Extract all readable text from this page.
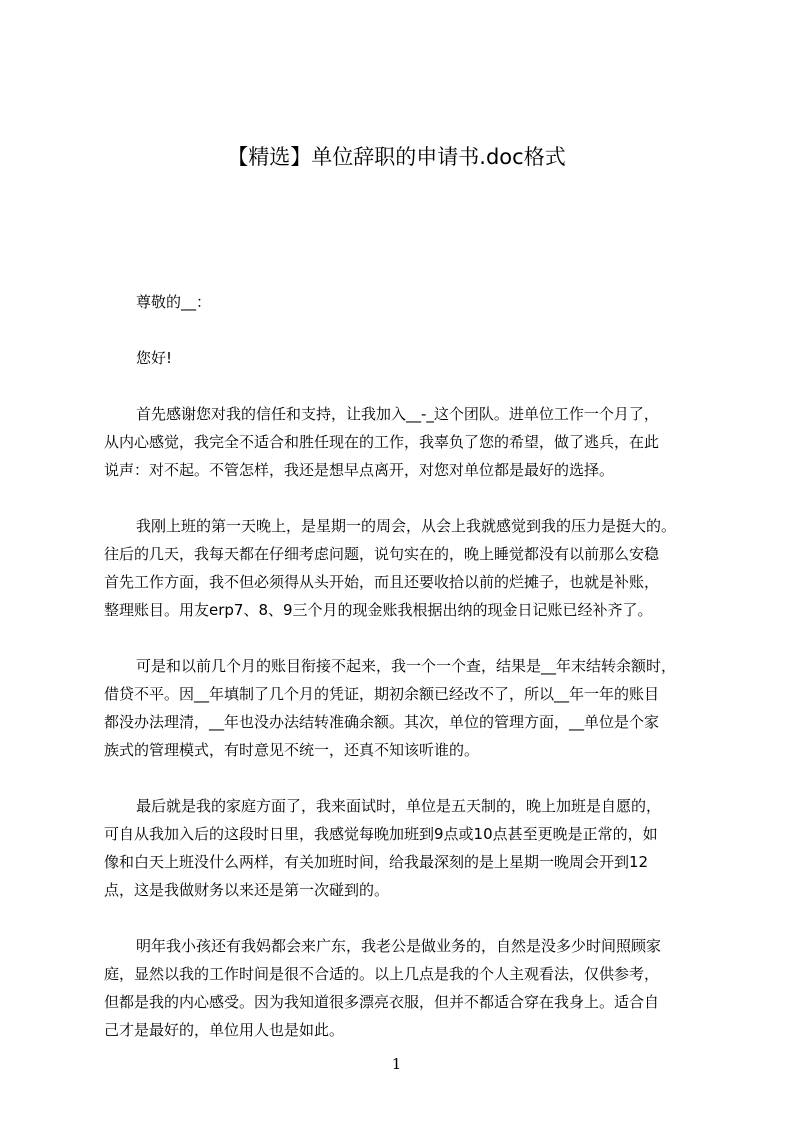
【精选】单位辞职的申请书.doc格式
尊敬的__：
您好!
首先感谢您对我的信任和支持，让我加入__-_这个团队。进单位工作一个月了，
从内心感觉，我完全不适合和胜任现在的工作，我辜负了您的希望，做了逃兵，在此
说声：对不起。不管怎样，我还是想早点离开，对您对单位都是最好的选择。
我刚上班的第一天晚上，是星期一的周会，从会上我就感觉到我的压力是挺大的。
往后的几天，我每天都在仔细考虑问题，说句实在的，晚上睡觉都没有以前那么安稳
首先工作方面，我不但必须得从头开始，而且还要收拾以前的烂摊子，也就是补账，
整理账目。用友erp7、8、9三个月的现金账我根据出纳的现金日记账已经补齐了。
可是和以前几个月的账目衔接不起来，我一个一个查，结果是__年末结转余额时，
借贷不平。因__年填制了几个月的凭证，期初余额已经改不了，所以__年一年的账目
都没办法理清，__年也没办法结转准确余额。其次，单位的管理方面，__单位是个家
族式的管理模式，有时意见不统一，还真不知该听谁的。
最后就是我的家庭方面了，我来面试时，单位是五天制的，晚上加班是自愿的，
可自从我加入后的这段时日里，我感觉每晚加班到9点或10点甚至更晚是正常的，如
像和白天上班没什么两样，有关加班时间，给我最深刻的是上星期一晚周会开到12
点，这是我做财务以来还是第一次碰到的。
明年我小孩还有我妈都会来广东，我老公是做业务的，自然是没多少时间照顾家
庭，显然以我的工作时间是很不合适的。以上几点是我的个人主观看法，仅供参考，
但都是我的内心感受。因为我知道很多漂亮衣服，但并不都适合穿在我身上。适合自
己才是最好的，单位用人也是如此。
1
